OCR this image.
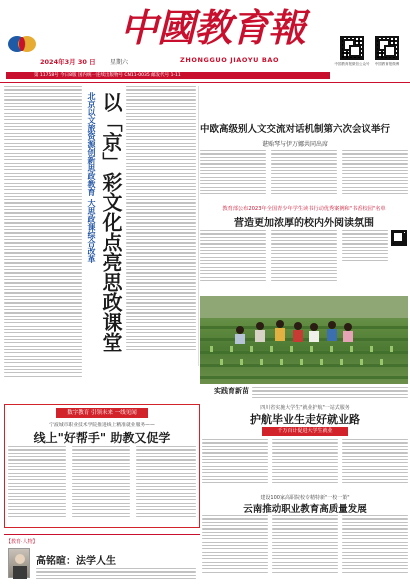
2024年3月 30 日 星期六
中國教育報
ZHONGGUO JIAOYU BAO	中国教育报微信公众号	中国教育报微博
第 11758号 今日8版 国内统一连续出版物号 CN11-0035 邮发代号 1-11
北京以文旅资源创新思政教育 大思政课综合改革 以「京」彩文化点亮思政课堂	中欧高级别人文交流对话机制第六次会议举行
谌贻琴与伊万娜共同出席
教育部公布2023年全国青少年学生读书行动优秀案例和"书香校园"名单
营造更加浓厚的校内外阅读氛围
实践育新苗
数字教育 引领未来 一线见闻
宁波城市职业技术学院推进线上精准就业服务——
线上"好帮手" 助教又促学
四川省实施大学生"就业护航"一站式服务
护航毕业生走好就业路
千万百计促进大学生就业
建设100家高职院校专精特新"一校一策"
云南推动职业教育高质量发展
【教育·人物】
高铭暄：法学人生
